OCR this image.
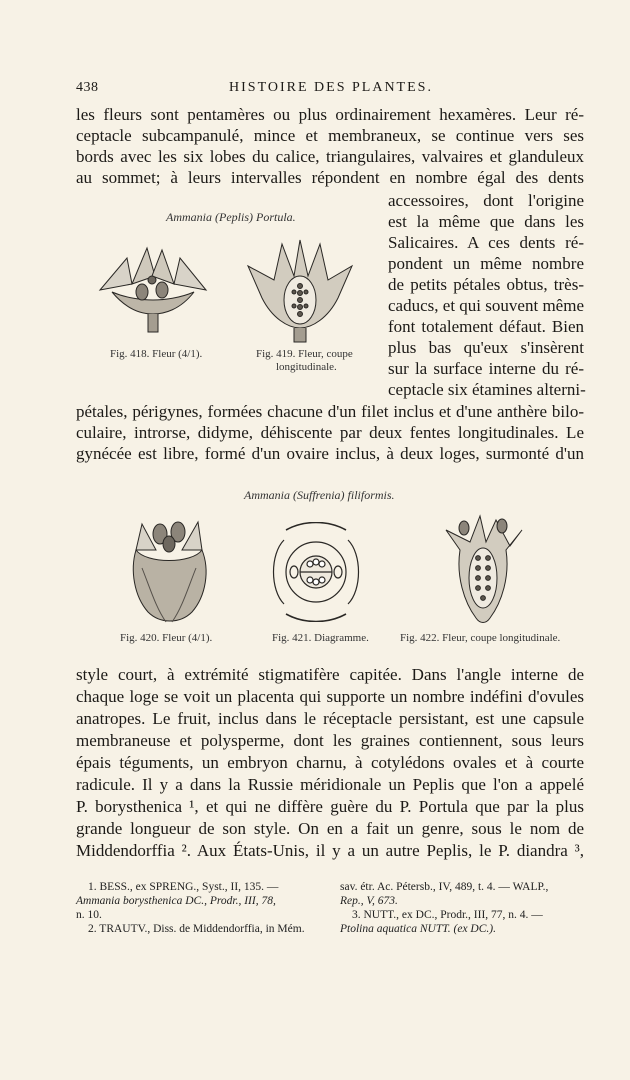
438	HISTOIRE DES PLANTES.
les fleurs sont pentamères ou plus ordinairement hexamères. Leur ré-
ceptacle subcampanulé, mince et membraneux, se continue vers ses
bords avec les six lobes du calice, triangulaires, valvaires et glanduleux
au sommet; à leurs intervalles répondent en nombre égal des dents
accessoires, dont l'origine
est la même que dans les
Salicaires. A ces dents ré-
pondent un même nombre
de petits pétales obtus, très-
caducs, et qui souvent même
font totalement défaut. Bien
plus bas qu'eux s'insèrent
sur la surface interne du ré-
ceptacle six étamines alterni-
Ammania (Peplis) Portula.
Fig. 418. Fleur (4/1).	Fig. 419. Fleur, coupe
longitudinale.
pétales, périgynes, formées chacune d'un filet inclus et d'une anthère bilo-
culaire, introrse, didyme, déhiscente par deux fentes longitudinales. Le
gynécée est libre, formé d'un ovaire inclus, à deux loges, surmonté d'un
Ammania (Suffrenia) filiformis.
Fig. 420. Fleur (4/1).	Fig. 421. Diagramme.	Fig. 422. Fleur, coupe longitudinale.
style court, à extrémité stigmatifère capitée. Dans l'angle interne de
chaque loge se voit un placenta qui supporte un nombre indéfini d'ovules
anatropes. Le fruit, inclus dans le réceptacle persistant, est une capsule
membraneuse et polysperme, dont les graines contiennent, sous leurs
épais téguments, un embryon charnu, à cotylédons ovales et à courte
radicule. Il y a dans la Russie méridionale un Peplis que l'on a appelé
P. borysthenica ¹, et qui ne diffère guère du P. Portula que par la plus
grande longueur de son style. On en a fait un genre, sous le nom de
Middendorffia ². Aux États-Unis, il y a un autre Peplis, le P. diandra ³,
1. BESS., ex SPRENG., Syst., II, 135. —
Ammania borysthenica DC., Prodr., III, 78,
n. 10.
2. TRAUTV., Diss. de Middendorffia, in Mém.
sav. étr. Ac. Pétersb., IV, 489, t. 4. — WALP.,
Rep., V, 673.
3. NUTT., ex DC., Prodr., III, 77, n. 4. —
Ptolina aquatica NUTT. (ex DC.).
